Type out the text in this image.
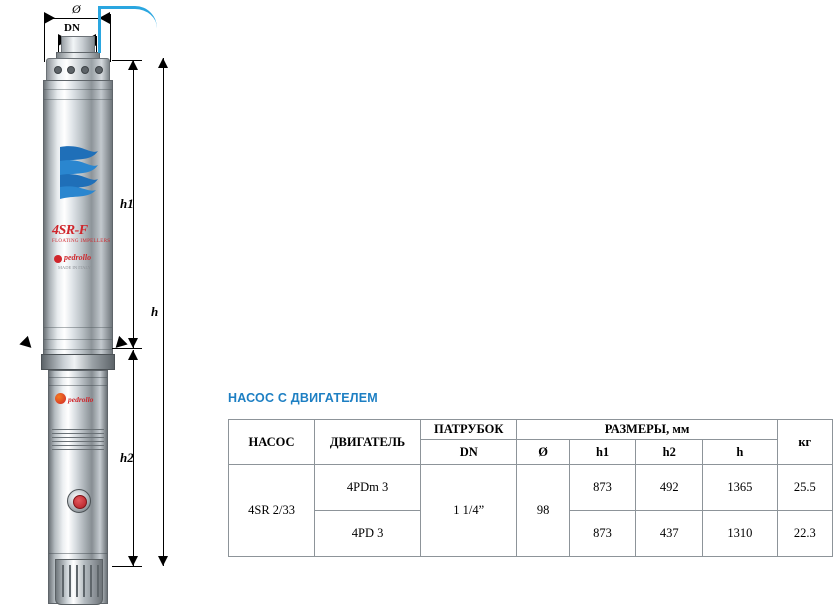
Ø
DN
4SR-F
FLOATING IMPELLERS
pedrollo
MADE IN ITALY
pedrollo
h1
h2
h
НАСОС С ДВИГАТЕЛЕМ
НАСОС	ДВИГАТЕЛЬ	ПАТРУБОК	РАЗМЕРЫ, мм				кг
		DN	Ø	h1	h2	h	
4SR 2/33	4PDm 3	1 1/4”	98	873	492	1365	25.5
	4PD 3			873	437	1310	22.3
